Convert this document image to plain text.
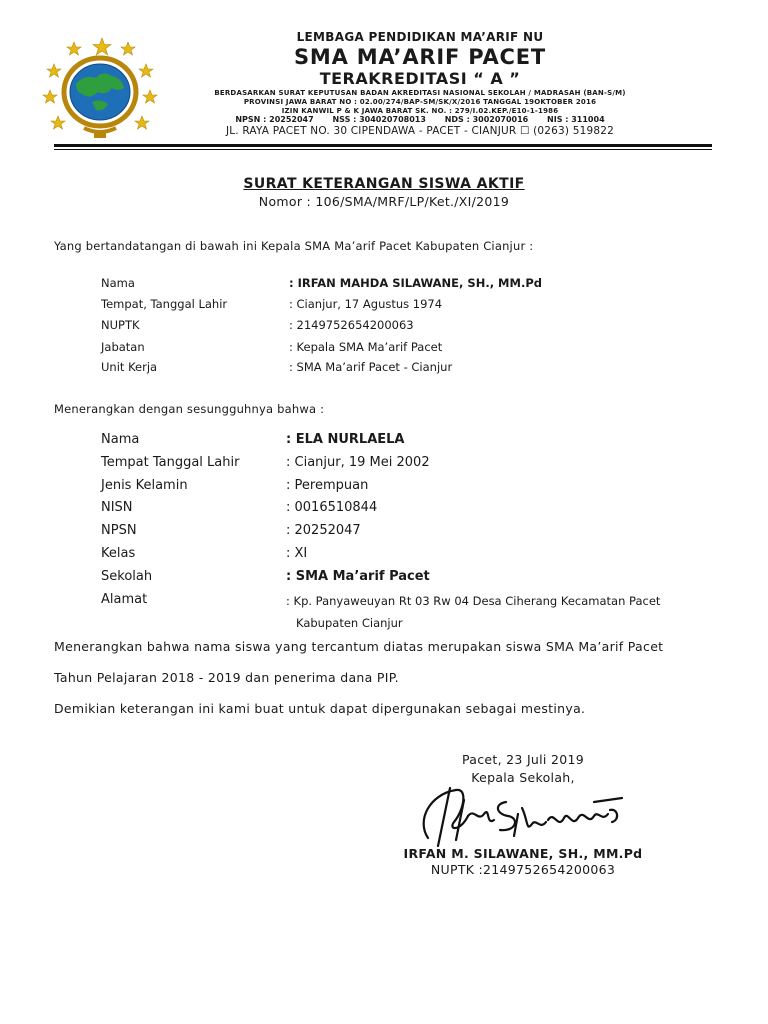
LEMBAGA PENDIDIKAN MA’ARIF NU
SMA MA’ARIF PACET
TERAKREDITASI “ A ”
BERDASARKAN SURAT KEPUTUSAN BADAN AKREDITASI NASIONAL SEKOLAH / MADRASAH (BAN-S/M)
PROVINSI JAWA BARAT NO : 02.00/274/BAP-SM/SK/X/2016 TANGGAL 19OKTOBER 2016
IZIN KANWIL P & K JAWA BARAT SK. NO. : 279/I.02.KEP./E10-1-1986
NPSN : 20252047 NSS : 304020708013 NDS : 3002070016 NIS : 311004
JL. RAYA PACET NO. 30 CIPENDAWA - PACET - CIANJUR ☐ (0263) 519822
SURAT KETERANGAN SISWA AKTIF
Nomor : 106/SMA/MRF/LP/Ket./XI/2019
Yang bertandatangan di bawah ini Kepala SMA Ma’arif Pacet Kabupaten Cianjur :
Nama	: IRFAN MAHDA SILAWANE, SH., MM.Pd
Tempat, Tanggal Lahir	: Cianjur, 17 Agustus 1974
NUPTK	: 2149752654200063
Jabatan	: Kepala SMA Ma’arif Pacet
Unit Kerja	: SMA Ma’arif Pacet - Cianjur
Menerangkan dengan sesungguhnya bahwa :
Nama	: ELA NURLAELA
Tempat Tanggal Lahir	: Cianjur, 19 Mei 2002
Jenis Kelamin	: Perempuan
NISN	: 0016510844
NPSN	: 20252047
Kelas	: XI
Sekolah	: SMA Ma’arif Pacet
Alamat	: Kp. Panyaweuyan Rt 03 Rw 04 Desa Ciherang Kecamatan Pacet
Kabupaten Cianjur
Menerangkan bahwa nama siswa yang tercantum diatas merupakan siswa SMA Ma’arif Pacet
Tahun Pelajaran 2018 - 2019 dan penerima dana PIP.
Demikian keterangan ini kami buat untuk dapat dipergunakan sebagai mestinya.
Pacet, 23 Juli 2019
Kepala Sekolah,
IRFAN M. SILAWANE, SH., MM.Pd
NUPTK :2149752654200063
